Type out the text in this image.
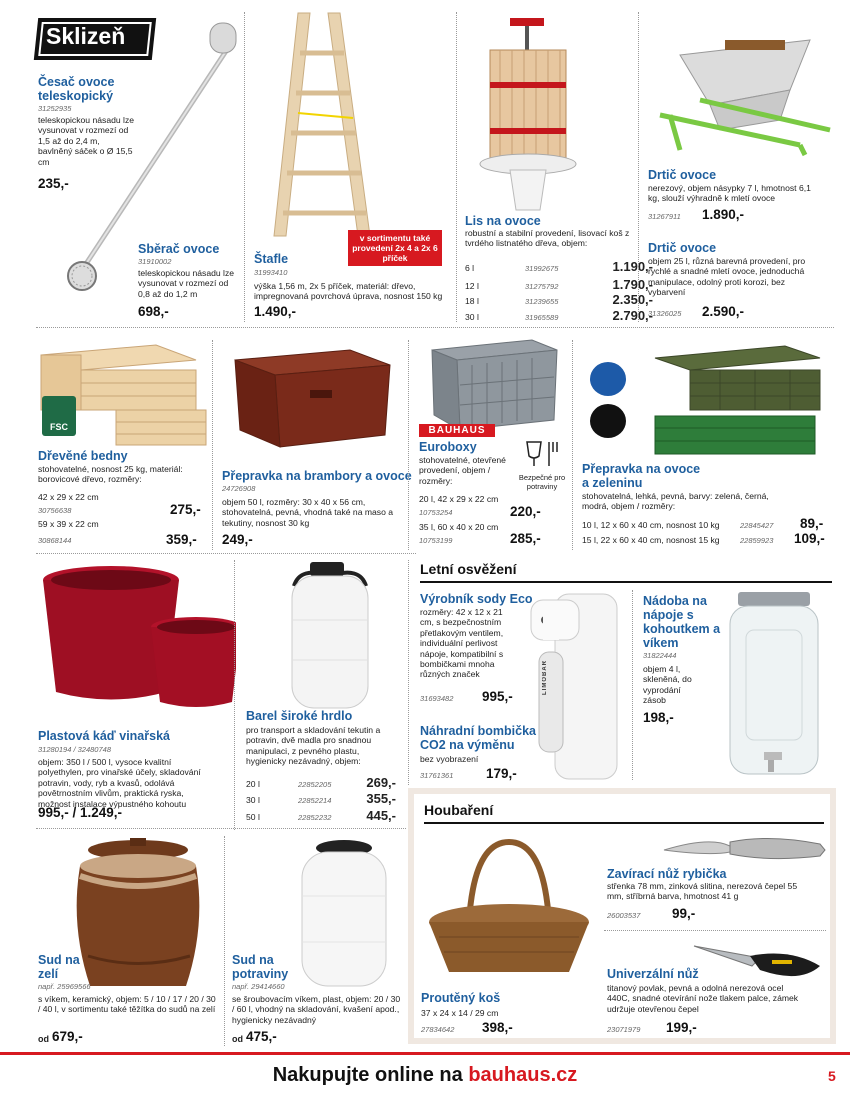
Sklizeň
Česač ovoce teleskopický
31252935
teleskopickou násadu lze vysunovat v rozmezí od 1,5 až do 2,4 m, bavlněný sáček o Ø 15,5 cm
235,-
Sběrač ovoce
31910002
teleskopickou násadu lze vysunovat v rozmezí od 0,8 až do 1,2 m
698,-
v sortimentu také provedení 2x 4 a 2x 6 příček
Štafle
31993410
výška 1,56 m, 2x 5 příček, materiál: dřevo, impregnovaná povrchová úprava, nosnost 150 kg
1.490,-
Lis na ovoce
robustní a stabilní provedení, lisovací koš z tvrdého listnatého dřeva, objem:
6 l	31992675	1.190,-
12 l	31275792	1.790,-
18 l	31239655	2.350,-
30 l	31965589	2.790,-
Drtič ovoce
nerezový, objem násypky 7 l, hmotnost 6,1 kg, slouží výhradně k mletí ovoce
31267911 1.890,-
Drtič ovoce
objem 25 l, různá barevná provedení, pro rychlé a snadné mletí ovoce, jednoduchá manipulace, odolný proti korozi, bez vybarvení
31326025 2.590,-
FSC
Dřevěné bedny
stohovatelné, nosnost 25 kg, materiál: borovicové dřevo, rozměry:
42 x 29 x 22 cm
30756638	275,-
59 x 39 x 22 cm
30868144	359,-
Přepravka na brambory a ovoce
24726908
objem 50 l, rozměry: 30 x 40 x 56 cm, stohovatelná, pevná, vhodná také na maso a tekutiny, nosnost 30 kg
249,-
BAUHAUS
Bezpečné pro potraviny
Euroboxy
stohovatelné, otevřené provedení, objem / rozměry:
20 l, 42 x 29 x 22 cm
10753254	220,-
35 l, 60 x 40 x 20 cm
10753199	285,-
Přepravka na ovoce a zeleninu
stohovatelná, lehká, pevná, barvy: zelená, černá, modrá, objem / rozměry:
10 l, 12 x 60 x 40 cm, nosnost 10 kg	22845427 89,-
15 l, 22 x 60 x 40 cm, nosnost 15 kg	22859923 109,-
Plastová káď vinařská
31280194 / 32480748
objem: 350 l / 500 l, vysoce kvalitní polyethylen, pro vinařské účely, skladování potravin, vody, ryb a kvasů, odolává povětrnostním vlivům, praktická ryska, možnost instalace výpustného kohoutu
995,- / 1.249,-
Barel široké hrdlo
pro transport a skladování tekutin a potravin, dvě madla pro snadnou manipulaci, z pevného plastu, hygienicky nezávadný, objem:
20 l	22852205	269,-
30 l	22852214	355,-
50 l	22852232	445,-
Sud na zelí
např. 25969566
s víkem, keramický, objem: 5 / 10 / 17 / 20 / 30 / 40 l, v sortimentu také těžítka do sudů na zelí
od 679,-
Sud na potraviny
např. 29414660
se šroubovacím víkem, plast, objem: 20 / 30 / 60 l, vhodný na skladování, kvašení apod., hygienicky nezávadný
od 475,-
Letní osvěžení
Výrobník sody Eco
rozměry: 42 x 12 x 21 cm, s bezpečnostním přetlakovým ventilem, individuální perlivost nápoje, kompatibilní s bombičkami mnoha různých značek
31693482 995,-
LIMOBAR
Náhradní bombička CO2 na výměnu
bez vyobrazení
31761361 179,-
Nádoba na nápoje s kohoutkem a víkem
31822444
objem 4 l, skleněná, do vyprodání zásob
198,-
Houbaření
Proutěný koš
37 x 24 x 14 / 29 cm
27834642 398,-
Zavírací nůž rybička
střenka 78 mm, zinková slitina, nerezová čepel 55 mm, stříbrná barva, hmotnost 41 g
26003537 99,-
Univerzální nůž
titanový povlak, pevná a odolná nerezová ocel 440C, snadné otevírání nože tlakem palce, zámek udržuje otevřenou čepel
23071979 199,-
Nakupujte online na bauhaus.cz	5
